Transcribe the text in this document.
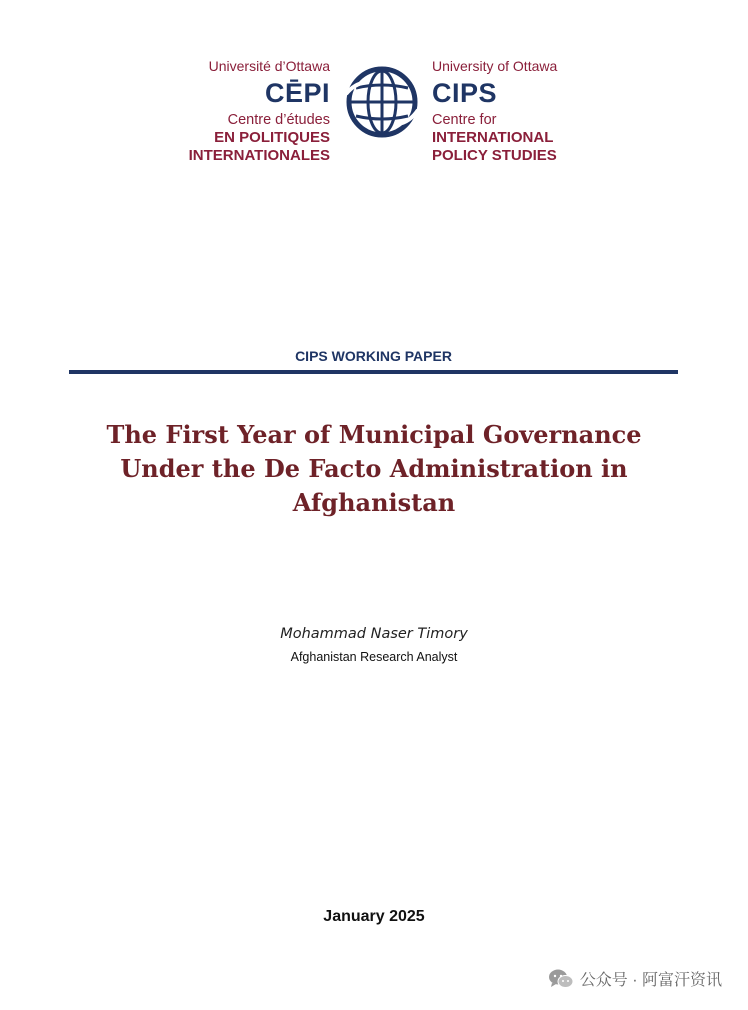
Université d’Ottawa
CĒPI
Centre d’études
EN POLITIQUES
INTERNATIONALES
University of Ottawa
CIPS
Centre for
INTERNATIONAL
POLICY STUDIES
CIPS WORKING PAPER
The First Year of Municipal Governance
Under the De Facto Administration in
Afghanistan
Mohammad Naser Timory
Afghanistan Research Analyst
January 2025
公众号 · 阿富汗资讯
